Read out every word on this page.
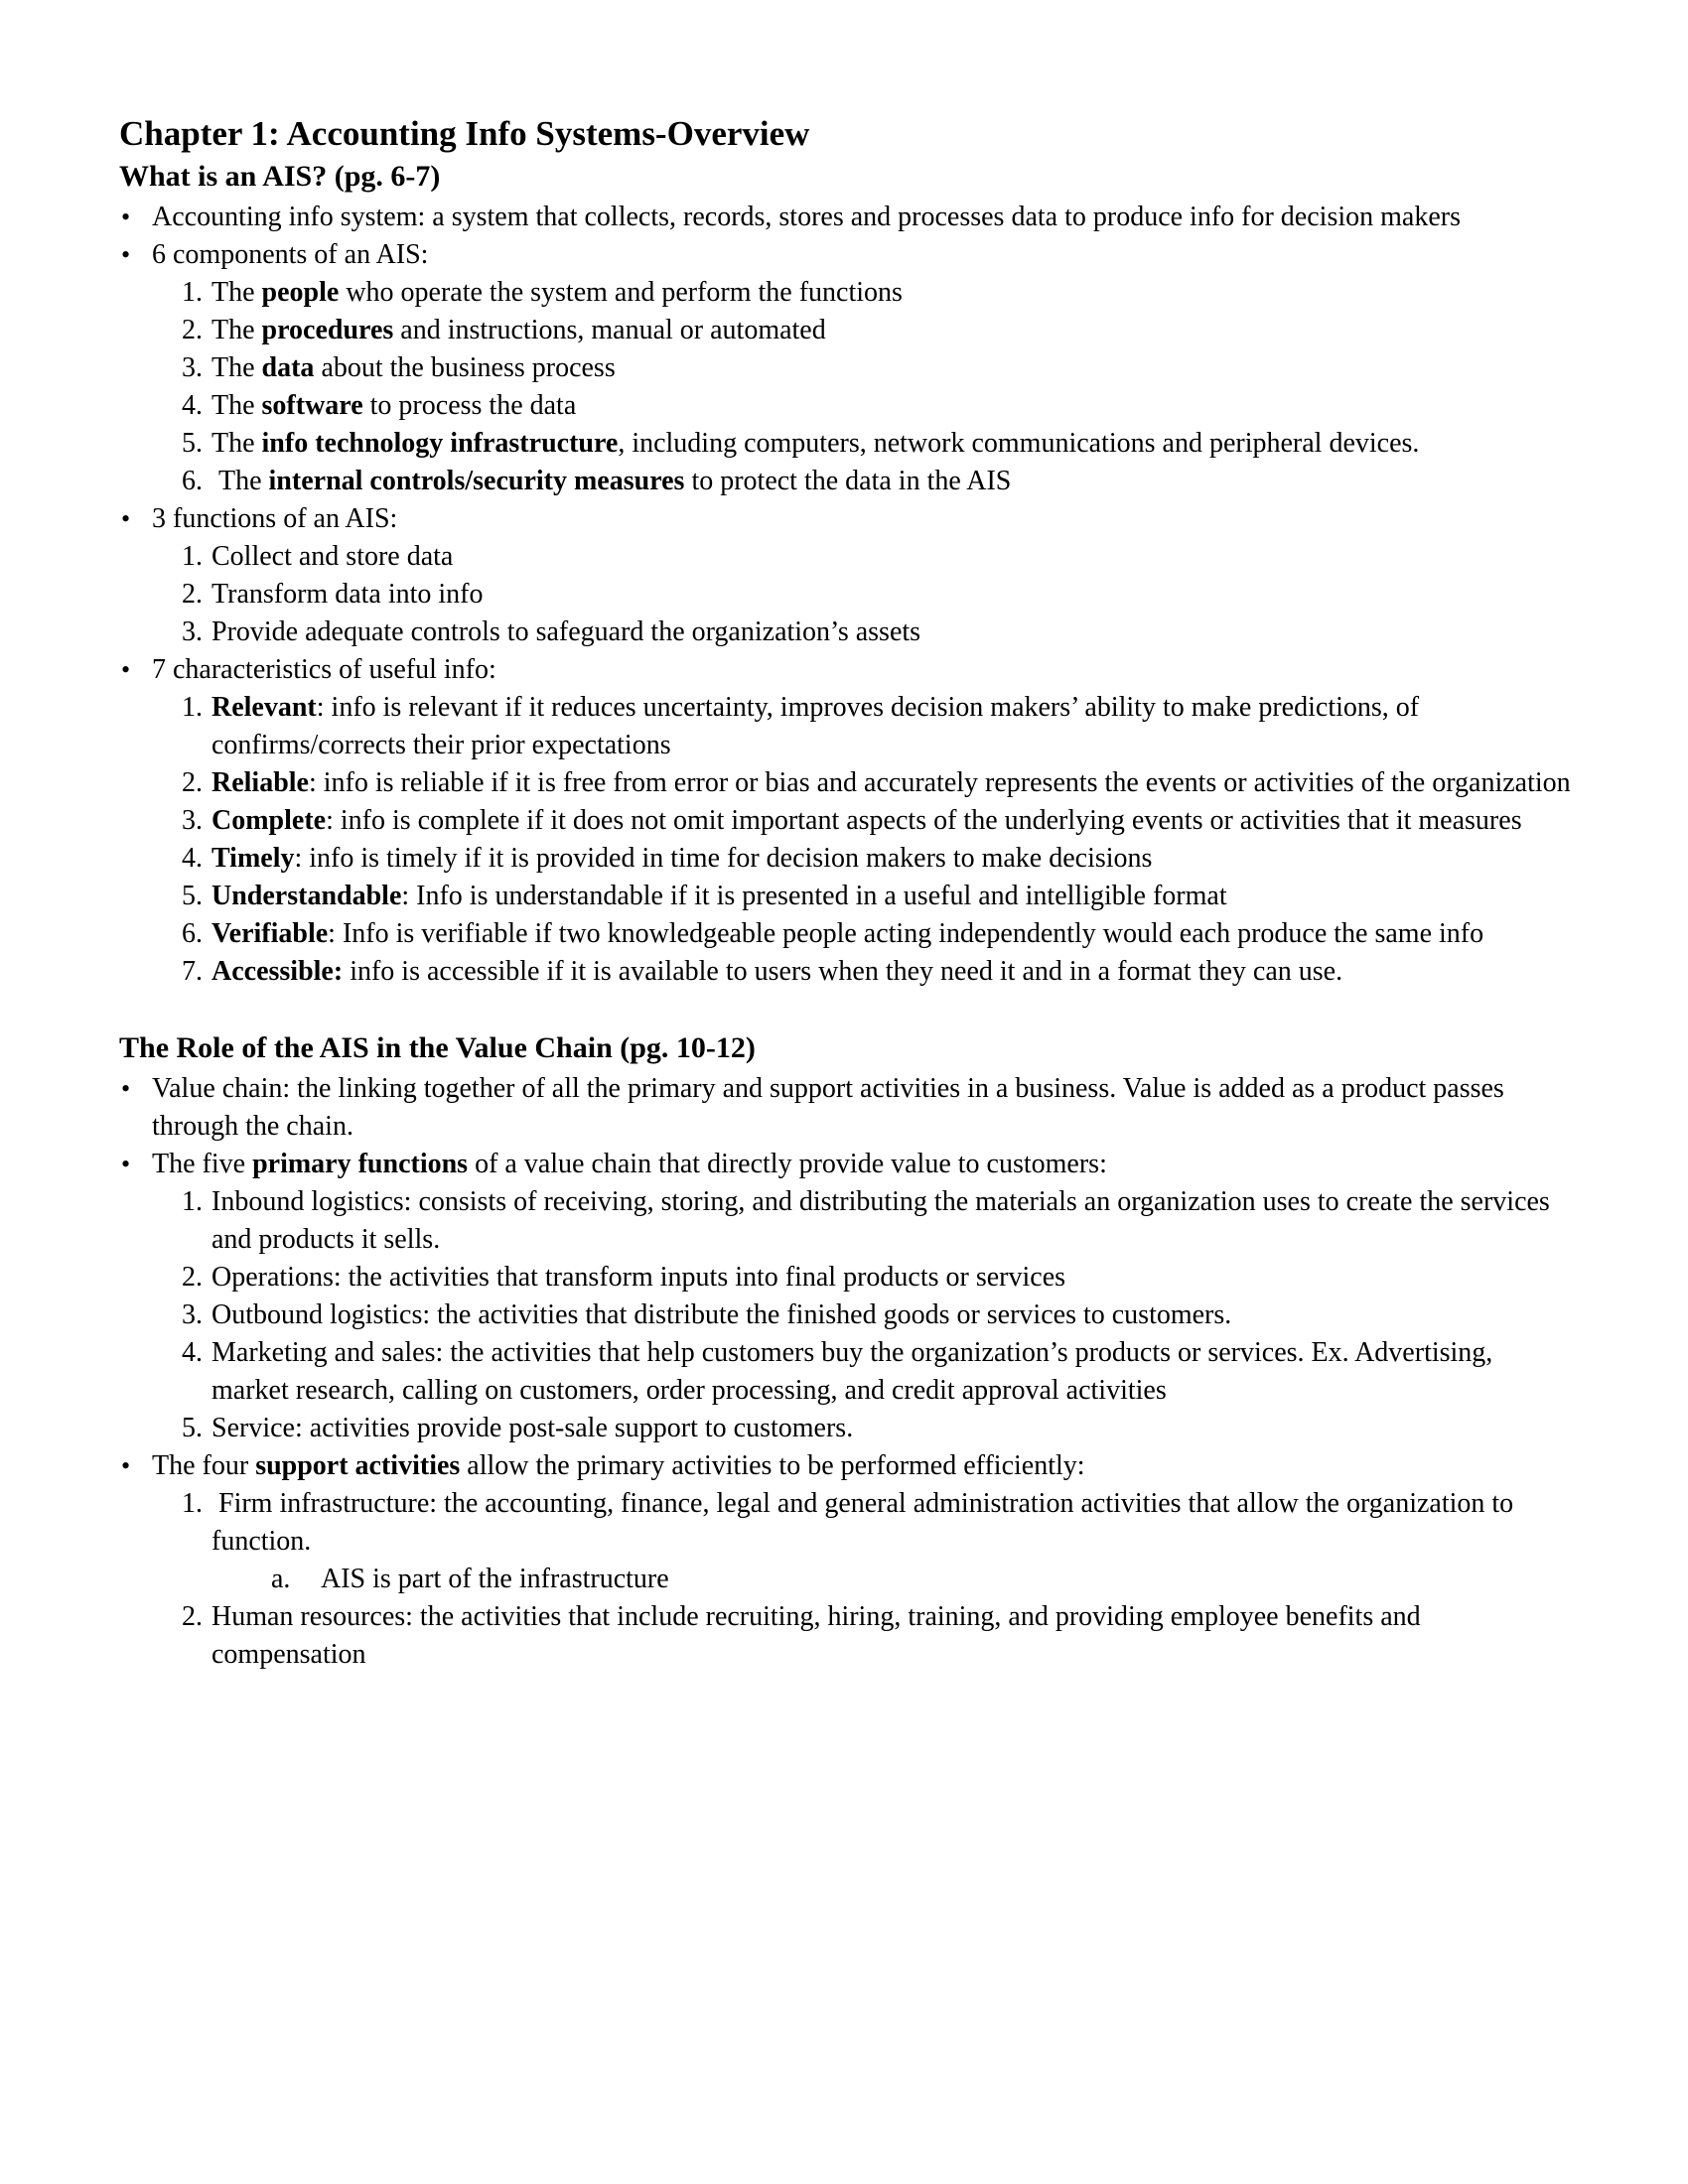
Chapter 1: Accounting Info Systems-Overview
What is an AIS? (pg. 6-7)
• Accounting info system: a system that collects, records, stores and processes data to produce info for decision makers
• 6 components of an AIS:
1. The people who operate the system and perform the functions
2. The procedures and instructions, manual or automated
3. The data about the business process
4. The software to process the data
5. The info technology infrastructure, including computers, network communications and peripheral devices.
6. The internal controls/security measures to protect the data in the AIS
• 3 functions of an AIS:
1. Collect and store data
2. Transform data into info
3. Provide adequate controls to safeguard the organization’s assets
• 7 characteristics of useful info:
1. Relevant: info is relevant if it reduces uncertainty, improves decision makers’ ability to make predictions, of confirms/corrects their prior expectations
2. Reliable: info is reliable if it is free from error or bias and accurately represents the events or activities of the organization
3. Complete: info is complete if it does not omit important aspects of the underlying events or activities that it measures
4. Timely: info is timely if it is provided in time for decision makers to make decisions
5. Understandable: Info is understandable if it is presented in a useful and intelligible format
6. Verifiable: Info is verifiable if two knowledgeable people acting independently would each produce the same info
7. Accessible: info is accessible if it is available to users when they need it and in a format they can use.
The Role of the AIS in the Value Chain (pg. 10-12)
• Value chain: the linking together of all the primary and support activities in a business. Value is added as a product passes through the chain.
• The five primary functions of a value chain that directly provide value to customers:
1. Inbound logistics: consists of receiving, storing, and distributing the materials an organization uses to create the services and products it sells.
2. Operations: the activities that transform inputs into final products or services
3. Outbound logistics: the activities that distribute the finished goods or services to customers.
4. Marketing and sales: the activities that help customers buy the organization’s products or services. Ex. Advertising,  market research, calling on customers, order processing, and credit approval activities
5. Service: activities provide post-sale support to customers.
• The four support activities allow the primary activities to be performed efficiently:
1. Firm infrastructure: the accounting, finance, legal and general administration activities that allow the organization to function.
a.	AIS is part of the infrastructure
2. Human resources: the activities that include recruiting, hiring, training, and providing employee benefits and compensation
